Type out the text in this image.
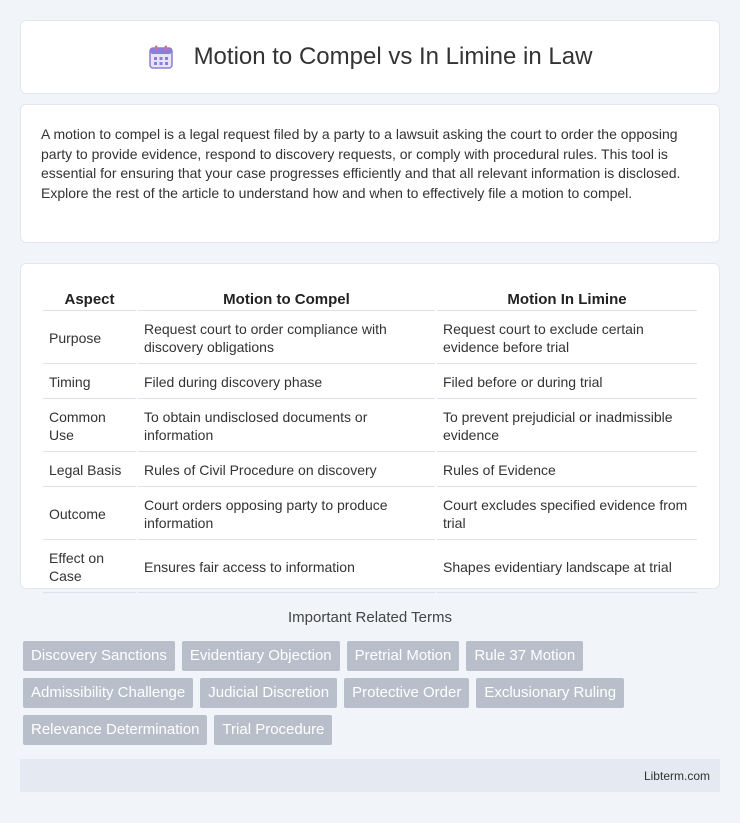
Motion to Compel vs In Limine in Law

A motion to compel is a legal request filed by a party to a lawsuit asking the court to order the opposing party to provide evidence, respond to discovery requests, or comply with procedural rules. This tool is essential for ensuring that your case progresses efficiently and that all relevant information is disclosed. Explore the rest of the article to understand how and when to effectively file a motion to compel.

Aspect	Motion to Compel	Motion In Limine
Purpose	Request court to order compliance with discovery obligations	Request court to exclude certain evidence before trial
Timing	Filed during discovery phase	Filed before or during trial
Common Use	To obtain undisclosed documents or information	To prevent prejudicial or inadmissible evidence
Legal Basis	Rules of Civil Procedure on discovery	Rules of Evidence
Outcome	Court orders opposing party to produce information	Court excludes specified evidence from trial
Effect on Case	Ensures fair access to information	Shapes evidentiary landscape at trial
Important Related Terms
Discovery Sanctions	Evidentiary Objection	Pretrial Motion	Rule 37 Motion
Admissibility Challenge	Judicial Discretion	Protective Order	Exclusionary Ruling
Relevance Determination	Trial Procedure
Libterm.com
